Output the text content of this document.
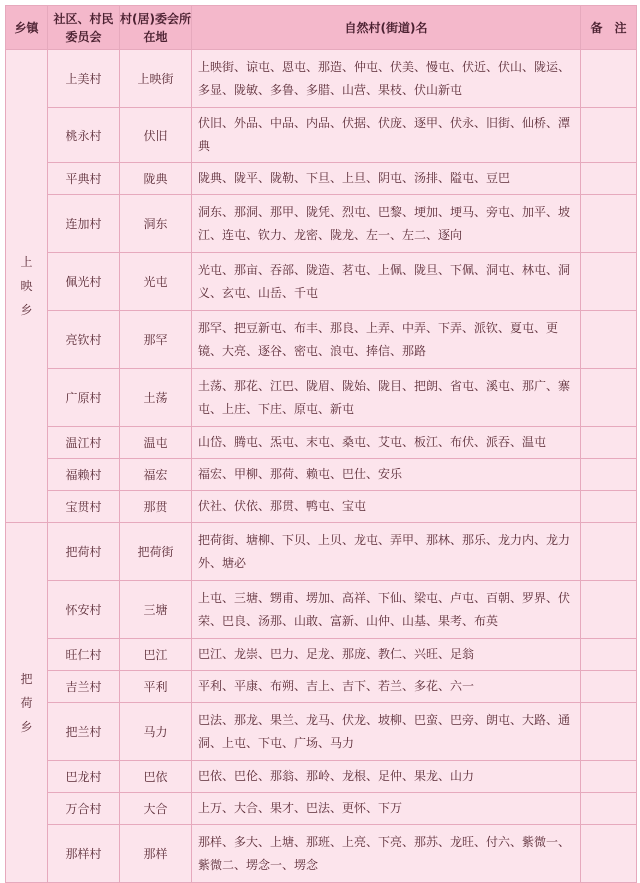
乡镇	社区、村民委员会	村(居)委会所在地	自然村(街道)名	备　注

上
映
乡	上美村	上映街	上映街、谅屯、恩屯、那造、仲屯、伏美、慢屯、伏近、伏山、陇运、多显、陇敏、多鲁、多腊、山营、果枝、伏山新屯	
	桃永村	伏旧	伏旧、外品、中品、内品、伏据、伏庞、逐甲、伏永、旧街、仙桥、潭典	
	平典村	陇典	陇典、陇平、陇勒、下旦、上旦、阴屯、汤排、隘屯、豆巴	
	连加村	洞东	洞东、那洞、那甲、陇凭、烈屯、巴黎、埂加、埂马、旁屯、加平、坡江、连屯、钦力、龙密、陇龙、左一、左二、逐向	
	佩光村	光屯	光屯、那亩、吞部、陇造、茗屯、上佩、陇旦、下佩、洞屯、林屯、洞义、玄屯、山岳、千屯	
	亮钦村	那罕	那罕、把豆新屯、布丰、那良、上弄、中弄、下弄、派钦、夏屯、更镜、大亮、逐谷、密屯、浪屯、捧信、那路	
	广原村	土荡	土荡、那花、江巴、陇眉、陇始、陇目、把朗、省屯、溪屯、那广、寨屯、上庄、下庄、原屯、新屯	
	温江村	温屯	山岱、腾屯、炁屯、末屯、桑屯、艾屯、板江、布伏、派吞、温屯	
	福赖村	福宏	福宏、甲柳、那荷、赖屯、巴仕、安乐	
	宝贯村	那贯	伏社、伏依、那贯、鸭屯、宝屯	

把
荷
乡	把荷村	把荷街	把荷街、塘柳、下贝、上贝、龙屯、弄甲、那林、那乐、龙力内、龙力外、塘必	
	怀安村	三塘	上屯、三塘、甥甫、塄加、高祥、下仙、梁屯、卢屯、百朝、罗界、伏荣、巴良、汤那、山敢、富新、山仲、山基、果考、布英	
	旺仁村	巴江	巴江、龙崇、巴力、足龙、那庞、教仁、兴旺、足翁	
	吉兰村	平利	平利、平康、布朔、吉上、吉下、若兰、多花、六一	
	把兰村	马力	巴法、那龙、果兰、龙马、伏龙、坡柳、巴蛮、巴旁、朗屯、大路、通洞、上屯、下屯、广场、马力	
	巴龙村	巴依	巴依、巴伦、那翁、那岭、龙根、足仲、果龙、山力	
	万合村	大合	上万、大合、果才、巴法、更怀、下万	
	那样村	那样	那样、多大、上塘、那班、上亮、下亮、那苏、龙旺、付六、紫微一、紫微二、塄念一、塄念	
